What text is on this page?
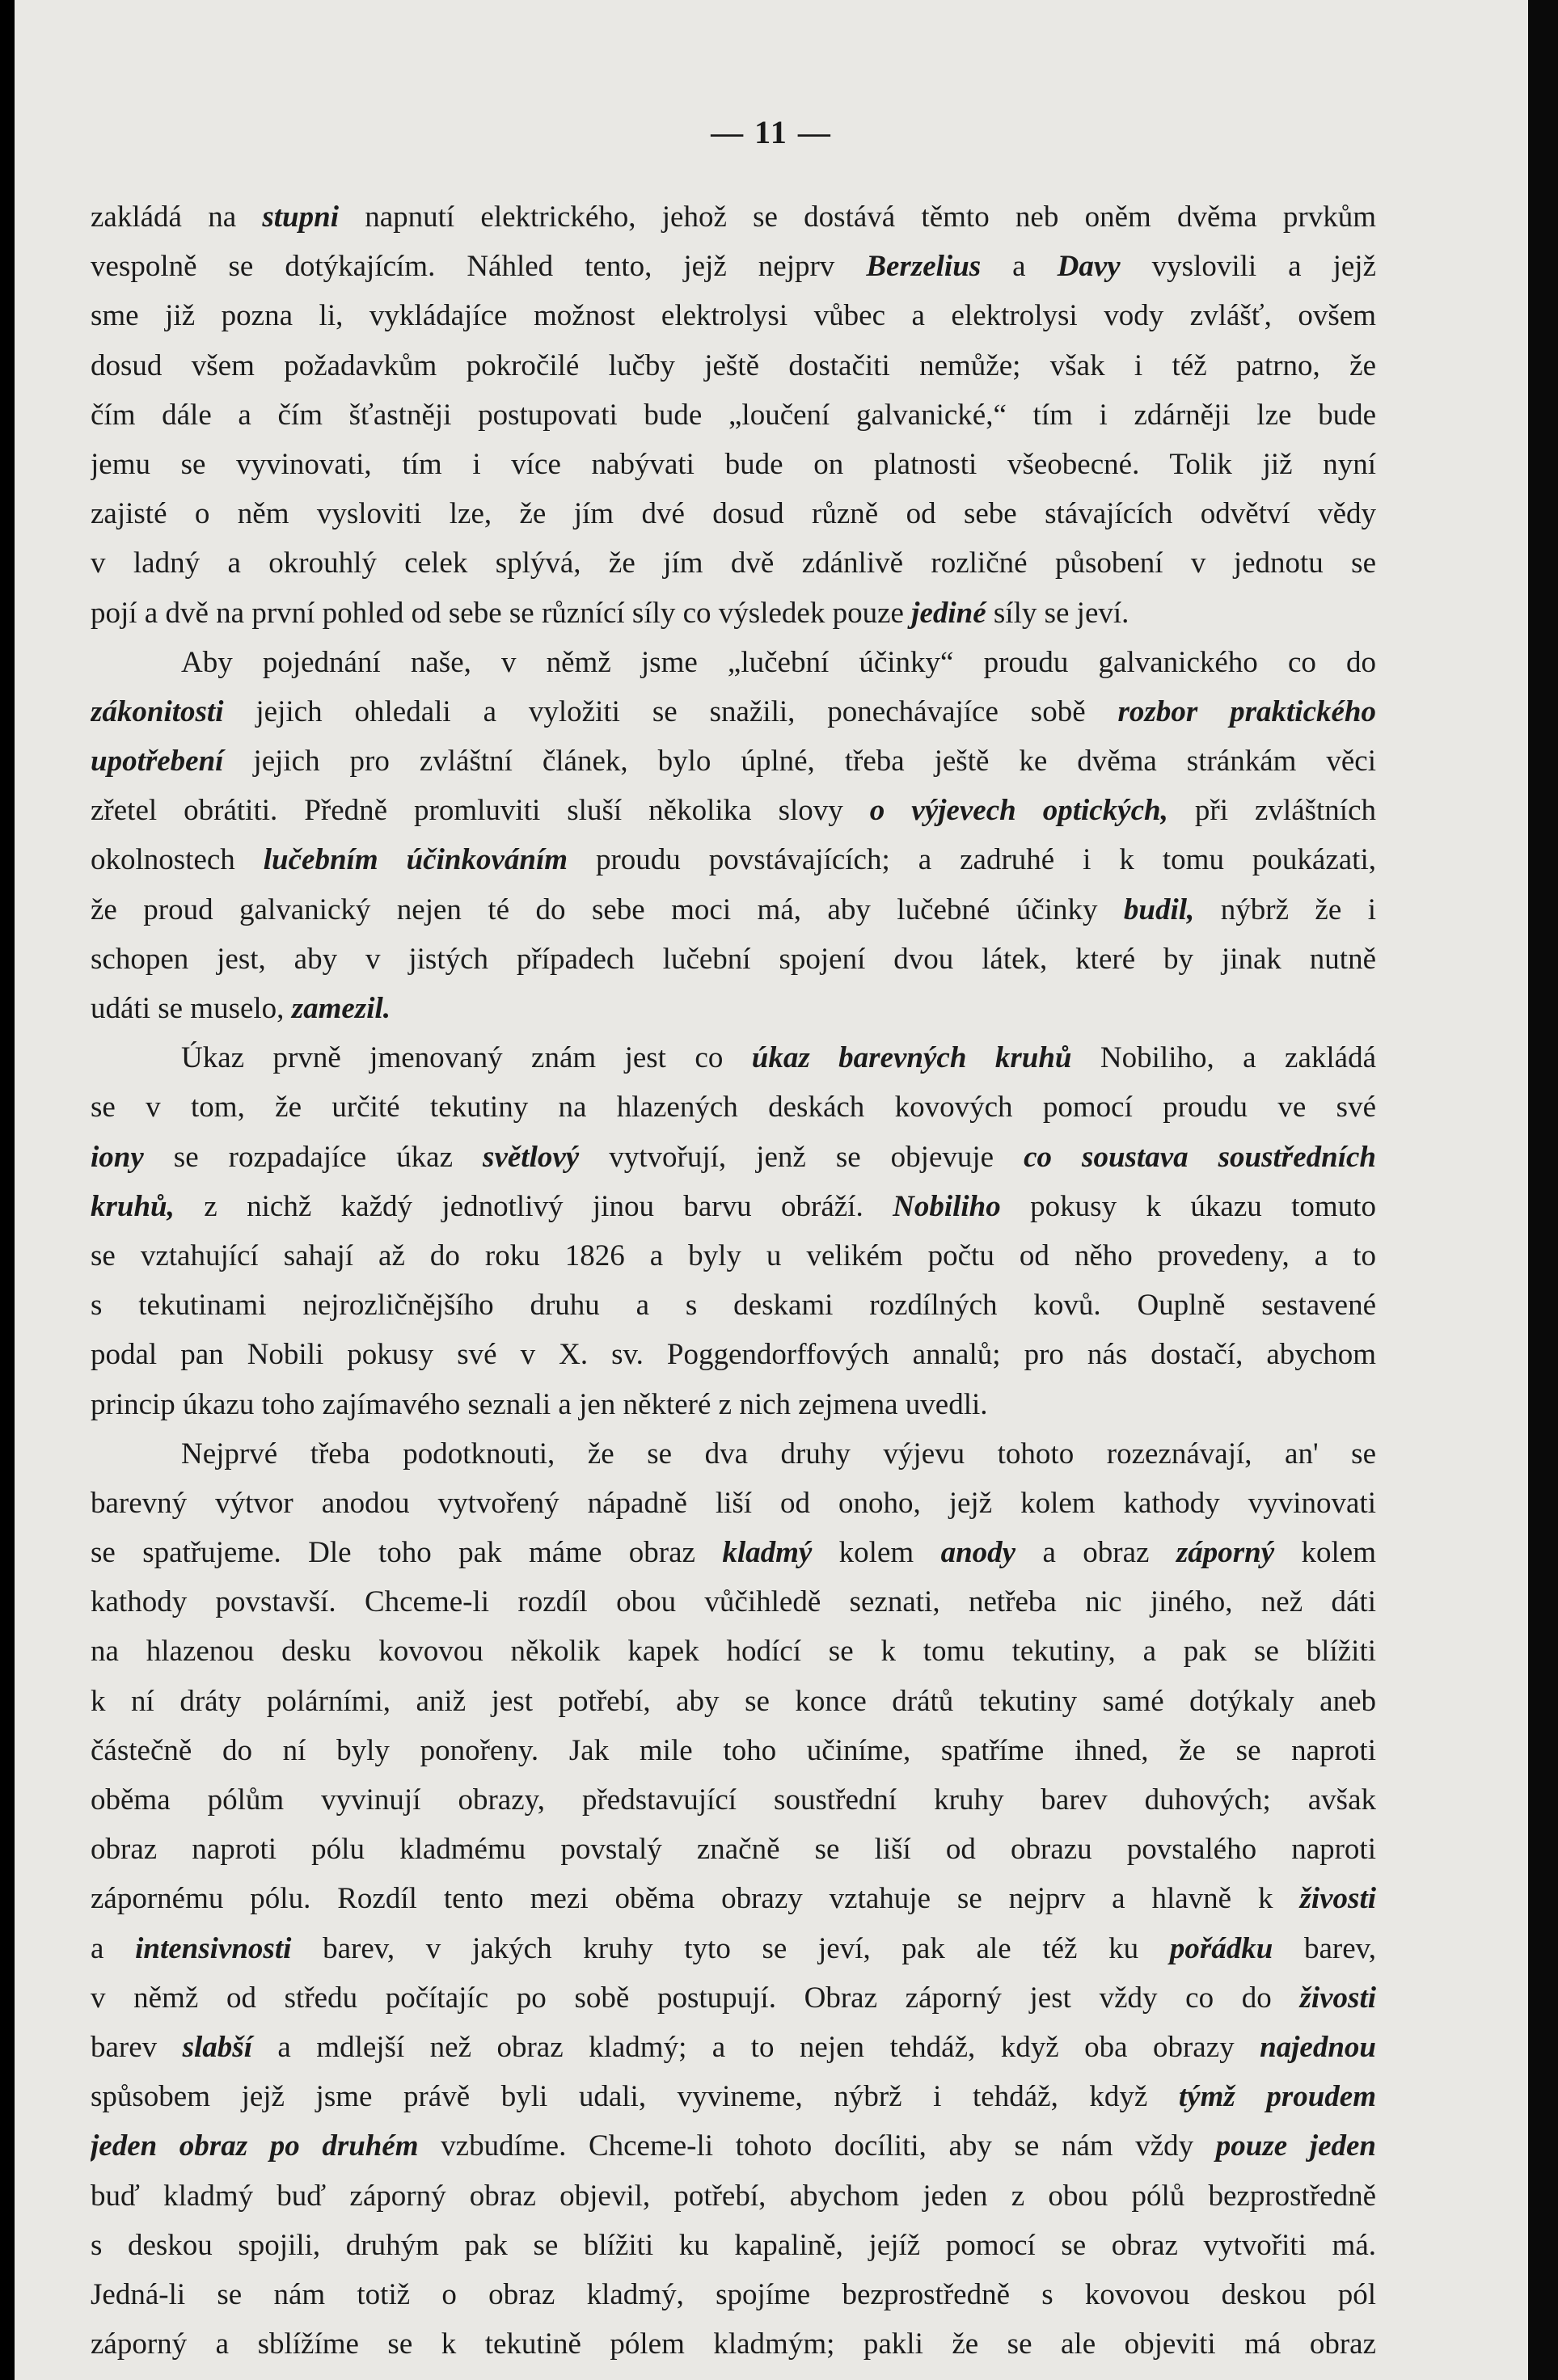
— 11 —
zakládá na stupni napnutí elektrického, jehož se dostává těmto neb oněm dvěma prvkům
vespolně se dotýkajícím. Náhled tento, jejž nejprv Berzelius a Davy vyslovili a jejž
sme již pozna li, vykládajíce možnost elektrolysi vůbec a elektrolysi vody zvlášť, ovšem
dosud všem požadavkům pokročilé lučby ještě dostačiti nemůže; však i též patrno, že
čím dále a čím šťastněji postupovati bude „loučení galvanické,“ tím i zdárněji lze bude
jemu se vyvinovati, tím i více nabývati bude on platnosti všeobecné. Tolik již nyní
zajisté o něm vysloviti lze, že jím dvé dosud různě od sebe stávajících odvětví vědy
v ladný a okrouhlý celek splývá, že jím dvě zdánlivě rozličné působení v jednotu se
pojí a dvě na první pohled od sebe se různící síly co výsledek pouze jediné síly se jeví.
Aby pojednání naše, v němž jsme „lučební účinky“ proudu galvanického co do
zákonitosti jejich ohledali a vyložiti se snažili, ponechávajíce sobě rozbor praktického
upotřebení jejich pro zvláštní článek, bylo úplné, třeba ještě ke dvěma stránkám věci
zřetel obrátiti. Předně promluviti sluší několika slovy o výjevech optických, při zvláštních
okolnostech lučebním účinkováním proudu povstávajících; a zadruhé i k tomu poukázati,
že proud galvanický nejen té do sebe moci má, aby lučebné účinky budil, nýbrž že i
schopen jest, aby v jistých případech lučební spojení dvou látek, které by jinak nutně
udáti se muselo, zamezil.
Úkaz prvně jmenovaný znám jest co úkaz barevných kruhů Nobiliho, a zakládá
se v tom, že určité tekutiny na hlazených deskách kovových pomocí proudu ve své
iony se rozpadajíce úkaz světlový vytvořují, jenž se objevuje co soustava soustředních
kruhů, z nichž každý jednotlivý jinou barvu obráží. Nobiliho pokusy k úkazu tomuto
se vztahující sahají až do roku 1826 a byly u velikém počtu od něho provedeny, a to
s tekutinami nejrozličnějšího druhu a s deskami rozdílných kovů. Ouplně sestavené
podal pan Nobili pokusy své v X. sv. Poggendorffových annalů; pro nás dostačí, abychom
princip úkazu toho zajímavého seznali a jen některé z nich zejmena uvedli.
Nejprvé třeba podotknouti, že se dva druhy výjevu tohoto rozeznávají, an' se
barevný výtvor anodou vytvořený nápadně liší od onoho, jejž kolem kathody vyvinovati
se spatřujeme. Dle toho pak máme obraz kladmý kolem anody a obraz záporný kolem
kathody povstavší. Chceme-li rozdíl obou vůčihledě seznati, netřeba nic jiného, než dáti
na hlazenou desku kovovou několik kapek hodící se k tomu tekutiny, a pak se blížiti
k ní dráty polárními, aniž jest potřebí, aby se konce drátů tekutiny samé dotýkaly aneb
částečně do ní byly ponořeny. Jak mile toho učiníme, spatříme ihned, že se naproti
oběma pólům vyvinují obrazy, představující soustřední kruhy barev duhových; avšak
obraz naproti pólu kladmému povstalý značně se liší od obrazu povstalého naproti
zápornému pólu. Rozdíl tento mezi oběma obrazy vztahuje se nejprv a hlavně k živosti
a intensivnosti barev, v jakých kruhy tyto se jeví, pak ale též ku pořádku barev,
v němž od středu počítajíc po sobě postupují. Obraz záporný jest vždy co do živosti
barev slabší a mdlejší než obraz kladmý; a to nejen tehdáž, když oba obrazy najednou
spůsobem jejž jsme právě byli udali, vyvineme, nýbrž i tehdáž, když týmž proudem
jeden obraz po druhém vzbudíme. Chceme-li tohoto docíliti, aby se nám vždy pouze jeden
buď kladmý buď záporný obraz objevil, potřebí, abychom jeden z obou pólů bezprostředně
s deskou spojili, druhým pak se blížiti ku kapalině, jejíž pomocí se obraz vytvořiti má.
Jedná-li se nám totiž o obraz kladmý, spojíme bezprostředně s kovovou deskou pól
záporný a sblížíme se k tekutině pólem kladmým; pakli že se ale objeviti má obraz
